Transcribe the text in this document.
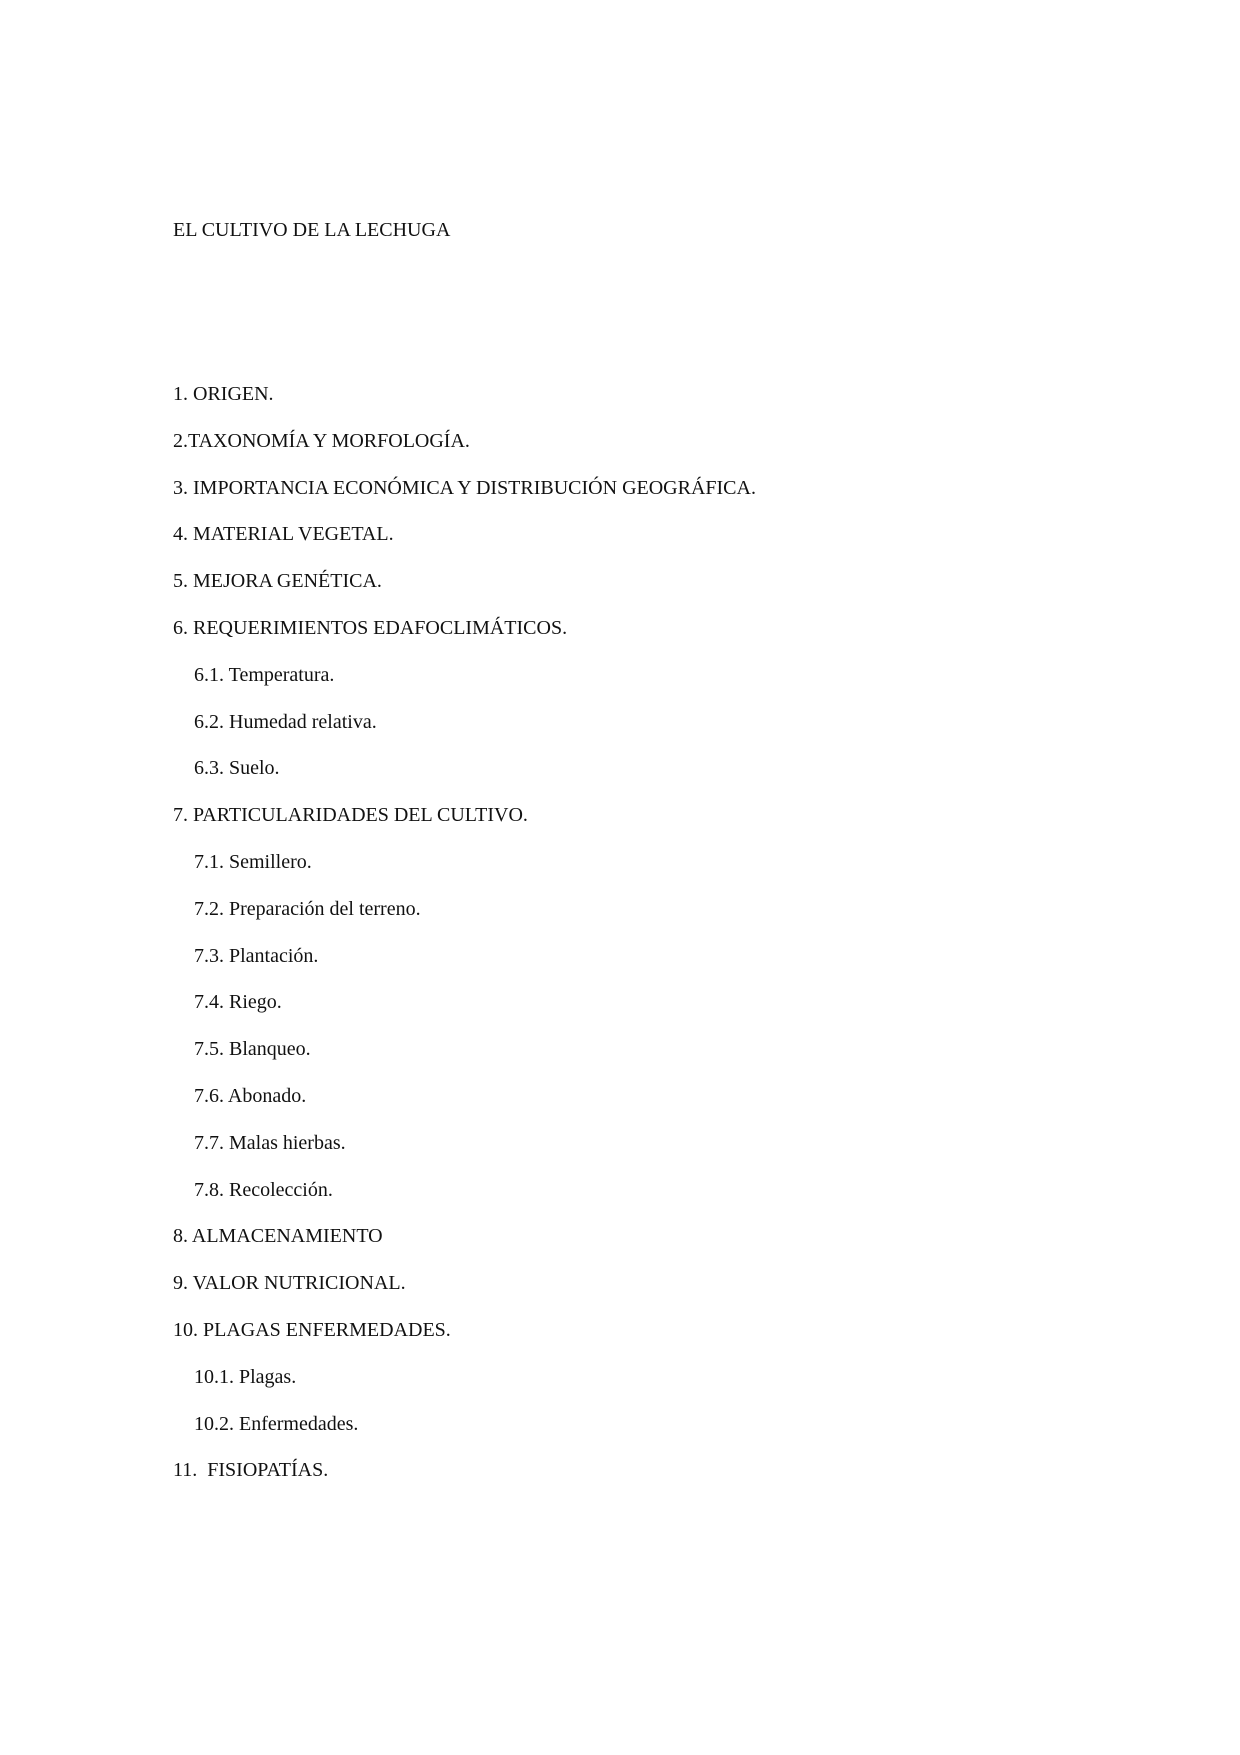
EL CULTIVO DE LA LECHUGA
1. ORIGEN.
2.TAXONOMÍA Y MORFOLOGÍA.
3. IMPORTANCIA ECONÓMICA Y DISTRIBUCIÓN GEOGRÁFICA.
4. MATERIAL VEGETAL.
5. MEJORA GENÉTICA.
6. REQUERIMIENTOS EDAFOCLIMÁTICOS.
6.1. Temperatura.
6.2. Humedad relativa.
6.3. Suelo.
7. PARTICULARIDADES DEL CULTIVO.
7.1. Semillero.
7.2. Preparación del terreno.
7.3. Plantación.
7.4. Riego.
7.5. Blanqueo.
7.6. Abonado.
7.7. Malas hierbas.
7.8. Recolección.
8. ALMACENAMIENTO
9. VALOR NUTRICIONAL.
10. PLAGAS ENFERMEDADES.
10.1. Plagas.
10.2. Enfermedades.
11.  FISIOPATÍAS.
